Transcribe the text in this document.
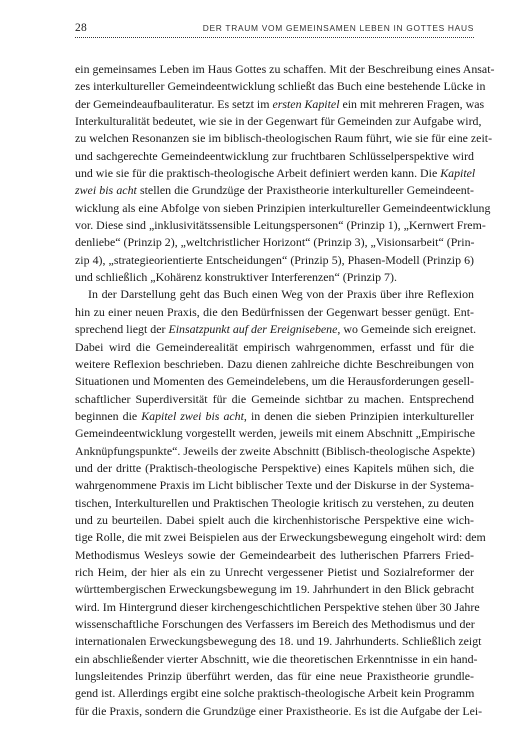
28	DER TRAUM VOM GEMEINSAMEN LEBEN IN GOTTES HAUS

ein gemeinsames Leben im Haus Gottes zu schaffen. Mit der Beschreibung eines Ansat-
zes interkultureller Gemeindeentwicklung schließt das Buch eine bestehende Lücke in
der Gemeindeaufbauliteratur. Es setzt im ersten Kapitel ein mit mehreren Fragen, was
Interkulturalität bedeutet, wie sie in der Gegenwart für Gemeinden zur Aufgabe wird,
zu welchen Resonanzen sie im biblisch-theologischen Raum führt, wie sie für eine zeit-
und sachgerechte Gemeindeentwicklung zur fruchtbaren Schlüsselperspektive wird
und wie sie für die praktisch-theologische Arbeit definiert werden kann. Die Kapitel
zwei bis acht stellen die Grundzüge der Praxistheorie interkultureller Gemeindeent-
wicklung als eine Abfolge von sieben Prinzipien interkultureller Gemeindeentwicklung
vor. Diese sind „inklusivitätssensible Leitungspersonen“ (Prinzip 1), „Kernwert Frem-
denliebe“ (Prinzip 2), „weltchristlicher Horizont“ (Prinzip 3), „Visionsarbeit“ (Prin-
zip 4), „strategieorientierte Entscheidungen“ (Prinzip 5), Phasen-Modell (Prinzip 6)
und schließlich „Kohärenz konstruktiver Interferenzen“ (Prinzip 7).

In der Darstellung geht das Buch einen Weg von der Praxis über ihre Reflexion
hin zu einer neuen Praxis, die den Bedürfnissen der Gegenwart besser genügt. Ent-
sprechend liegt der Einsatzpunkt auf der Ereignisebene, wo Gemeinde sich ereignet.
Dabei wird die Gemeinderealität empirisch wahrgenommen, erfasst und für die
weitere Reflexion beschrieben. Dazu dienen zahlreiche dichte Beschreibungen von
Situationen und Momenten des Gemeindelebens, um die Herausforderungen gesell-
schaftlicher Superdiversität für die Gemeinde sichtbar zu machen. Entsprechend
beginnen die Kapitel zwei bis acht, in denen die sieben Prinzipien interkultureller
Gemeindeentwicklung vorgestellt werden, jeweils mit einem Abschnitt „Empirische
Anknüpfungspunkte“. Jeweils der zweite Abschnitt (Biblisch-theologische Aspekte)
und der dritte (Praktisch-theologische Perspektive) eines Kapitels mühen sich, die
wahrgenommene Praxis im Licht biblischer Texte und der Diskurse in der Systema-
tischen, Interkulturellen und Praktischen Theologie kritisch zu verstehen, zu deuten
und zu beurteilen. Dabei spielt auch die kirchenhistorische Perspektive eine wich-
tige Rolle, die mit zwei Beispielen aus der Erweckungsbewegung eingeholt wird: dem
Methodismus Wesleys sowie der Gemeindearbeit des lutherischen Pfarrers Fried-
rich Heim, der hier als ein zu Unrecht vergessener Pietist und Sozialreformer der
württembergischen Erweckungsbewegung im 19. Jahrhundert in den Blick gebracht
wird. Im Hintergrund dieser kirchengeschichtlichen Perspektive stehen über 30 Jahre
wissenschaftliche Forschungen des Verfassers im Bereich des Methodismus und der
internationalen Erweckungsbewegung des 18. und 19. Jahrhunderts. Schließlich zeigt
ein abschließender vierter Abschnitt, wie die theoretischen Erkenntnisse in ein hand-
lungsleitendes Prinzip überführt werden, das für eine neue Praxistheorie grundle-
gend ist. Allerdings ergibt eine solche praktisch-theologische Arbeit kein Programm
für die Praxis, sondern die Grundzüge einer Praxistheorie. Es ist die Aufgabe der Lei-
